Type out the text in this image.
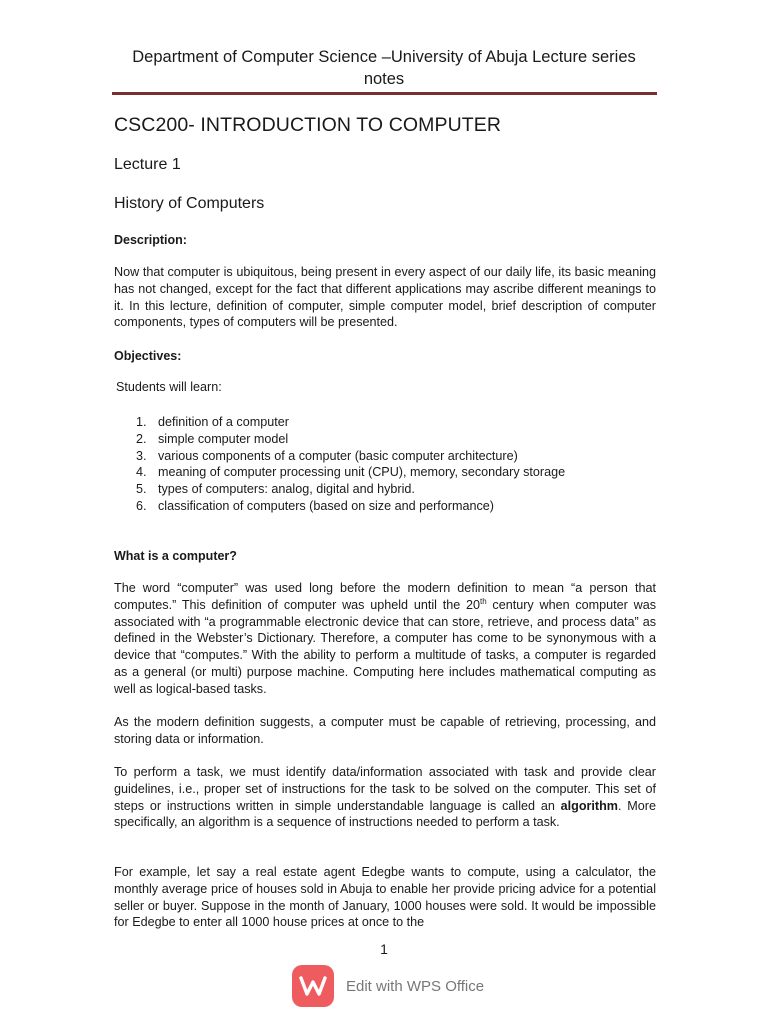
Department of Computer Science –University of Abuja Lecture series
notes
CSC200- INTRODUCTION TO COMPUTER
Lecture 1
History of Computers
Description:
Now that computer is ubiquitous, being present in every aspect of our daily life, its basic meaning has not changed, except for the fact that different applications may ascribe different meanings to it. In this lecture, definition of computer, simple computer model, brief description of computer components, types of computers will be presented.
Objectives:
Students will learn:
1. definition of a computer
2. simple computer model
3. various components of a computer (basic computer architecture)
4. meaning of computer processing unit (CPU), memory, secondary storage
5. types of computers: analog, digital and hybrid.
6. classification of computers (based on size and performance)
What is a computer?
The word “computer” was used long before the modern definition to mean “a person that computes.” This definition of computer was upheld until the 20th century when computer was associated with “a programmable electronic device that can store, retrieve, and process data” as defined in the Webster’s Dictionary. Therefore, a computer has come to be synonymous with a device that “computes.” With the ability to perform a multitude of tasks, a computer is regarded as a general (or multi) purpose machine. Computing here includes mathematical computing as well as logical-based tasks.
As the modern definition suggests, a computer must be capable of retrieving, processing, and storing data or information.
To perform a task, we must identify data/information associated with task and provide clear guidelines, i.e., proper set of instructions for the task to be solved on the computer. This set of steps or instructions written in simple understandable language is called an algorithm. More specifically, an algorithm is a sequence of instructions needed to perform a task.
For example, let say a real estate agent Edegbe wants to compute, using a calculator, the monthly average price of houses sold in Abuja to enable her provide pricing advice for a potential seller or buyer. Suppose in the month of January, 1000 houses were sold. It would be impossible for Edegbe to enter all 1000 house prices at once to the
1
Edit with WPS Office
